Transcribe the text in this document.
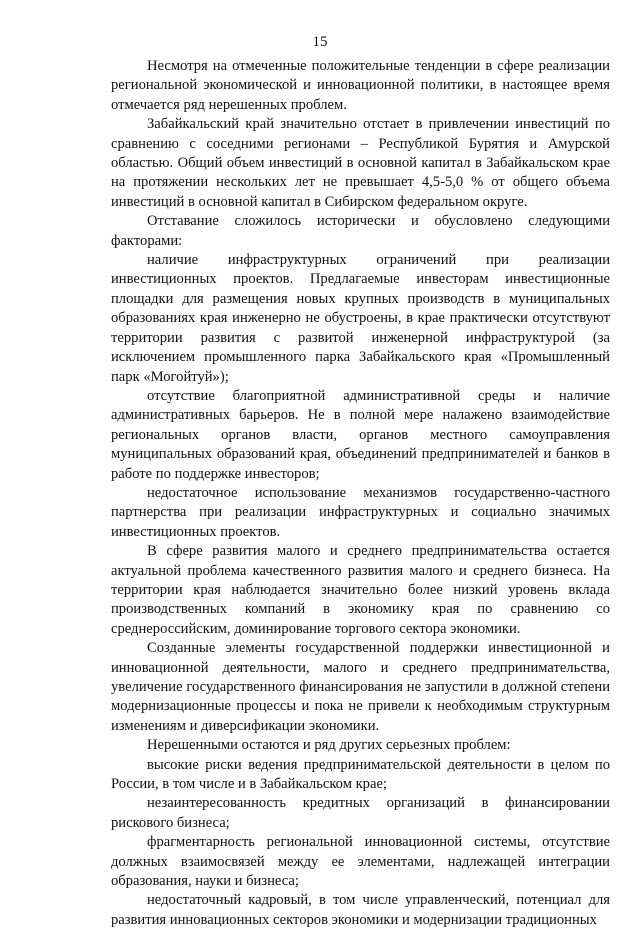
15

Несмотря на отмеченные положительные тенденции в сфере реализации региональной экономической и инновационной политики, в настоящее время отмечается ряд нерешенных проблем.

Забайкальский край значительно отстает в привлечении инвестиций по сравнению с соседними регионами – Республикой Бурятия и Амурской областью. Общий объем инвестиций в основной капитал в Забайкальском крае на протяжении нескольких лет не превышает 4,5-5,0 % от общего объема инвестиций в основной капитал в Сибирском федеральном округе.

Отставание сложилось исторически и обусловлено следующими факторами:

наличие инфраструктурных ограничений при реализации инвестиционных проектов. Предлагаемые инвесторам инвестиционные площадки для размещения новых крупных производств в муниципальных образованиях края инженерно не обустроены, в крае практически отсутствуют территории развития с развитой инженерной инфраструктурой (за исключением промышленного парка Забайкальского края «Промышленный парк «Могойтуй»);

отсутствие благоприятной административной среды и наличие административных барьеров. Не в полной мере налажено взаимодействие региональных органов власти, органов местного самоуправления муниципальных образований края, объединений предпринимателей и банков в работе по поддержке инвесторов;

недостаточное использование механизмов государственно-частного партнерства при реализации инфраструктурных и социально значимых инвестиционных проектов.

В сфере развития малого и среднего предпринимательства остается актуальной проблема качественного развития малого и среднего бизнеса. На территории края наблюдается значительно более низкий уровень вклада производственных компаний в экономику края по сравнению со среднероссийским, доминирование торгового сектора экономики.

Созданные элементы государственной поддержки инвестиционной и инновационной деятельности, малого и среднего предпринимательства, увеличение государственного финансирования не запустили в должной степени модернизационные процессы и пока не привели к необходимым структурным изменениям и диверсификации экономики.

Нерешенными остаются и ряд других серьезных проблем:

высокие риски ведения предпринимательской деятельности в целом по России, в том числе и в Забайкальском крае;

незаинтересованность кредитных организаций в финансировании рискового бизнеса;

фрагментарность региональной инновационной системы, отсутствие должных взаимосвязей между ее элементами, надлежащей интеграции образования, науки и бизнеса;

недостаточный кадровый, в том числе управленческий, потенциал для развития инновационных секторов экономики и модернизации традиционных
